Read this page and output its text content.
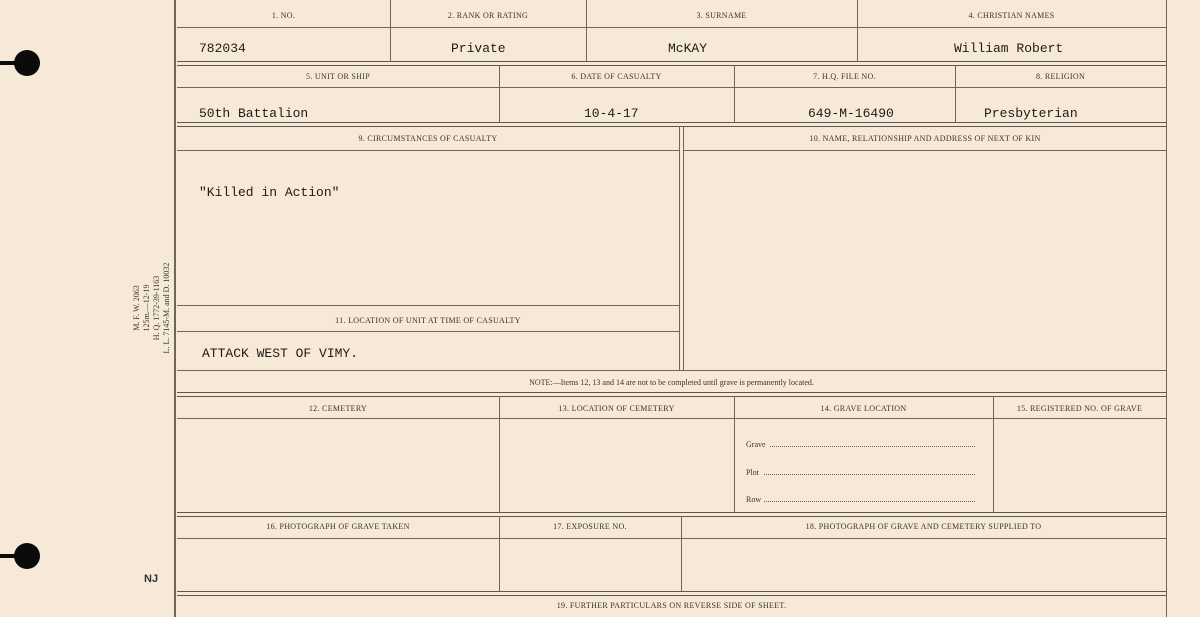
M. F. W. 2063 125m.—12-19 H. Q. 1772-39-1163 L. L. 7145-M. and D. 10032
NJ
1. NO.	2. RANK OR RATING	3. SURNAME	4. CHRISTIAN NAMES
782034	Private	McKAY	William Robert
5. UNIT OR SHIP	6. DATE OF CASUALTY	7. H.Q. FILE NO.	8. RELIGION
50th Battalion	10-4-17	649-M-16490	Presbyterian
9. CIRCUMSTANCES OF CASUALTY	10. NAME, RELATIONSHIP AND ADDRESS OF NEXT OF KIN
"Killed in Action"
11. LOCATION OF UNIT AT TIME OF CASUALTY
ATTACK WEST OF VIMY.
NOTE:—Items 12, 13 and 14 are not to be completed until grave is permanently located.
12. CEMETERY	13. LOCATION OF CEMETERY	14. GRAVE LOCATION	15. REGISTERED NO. OF GRAVE
Grave
Plot
Row
16. PHOTOGRAPH OF GRAVE TAKEN	17. EXPOSURE NO.	18. PHOTOGRAPH OF GRAVE AND CEMETERY SUPPLIED TO
19. FURTHER PARTICULARS ON REVERSE SIDE OF SHEET.
